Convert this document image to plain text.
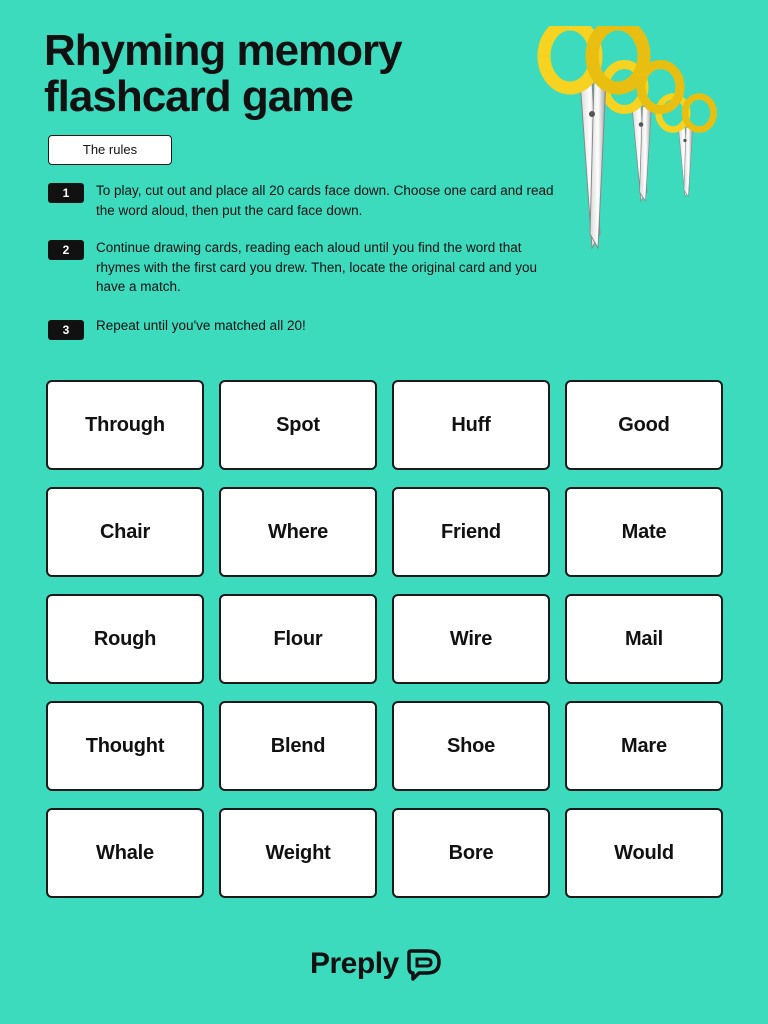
Rhyming memory flashcard game
The rules
1	To play, cut out and place all 20 cards face down. Choose one card and read the word aloud, then put the card face down.

2	Continue drawing cards, reading each aloud until you find the word that rhymes with the first card you drew. Then, locate the original card and you have a match.

3	Repeat until you've matched all 20!

Through	Spot	Huff	Good
Chair	Where	Friend	Mate
Rough	Flour	Wire	Mail
Thought	Blend	Shoe	Mare
Whale	Weight	Bore	Would
Preply
